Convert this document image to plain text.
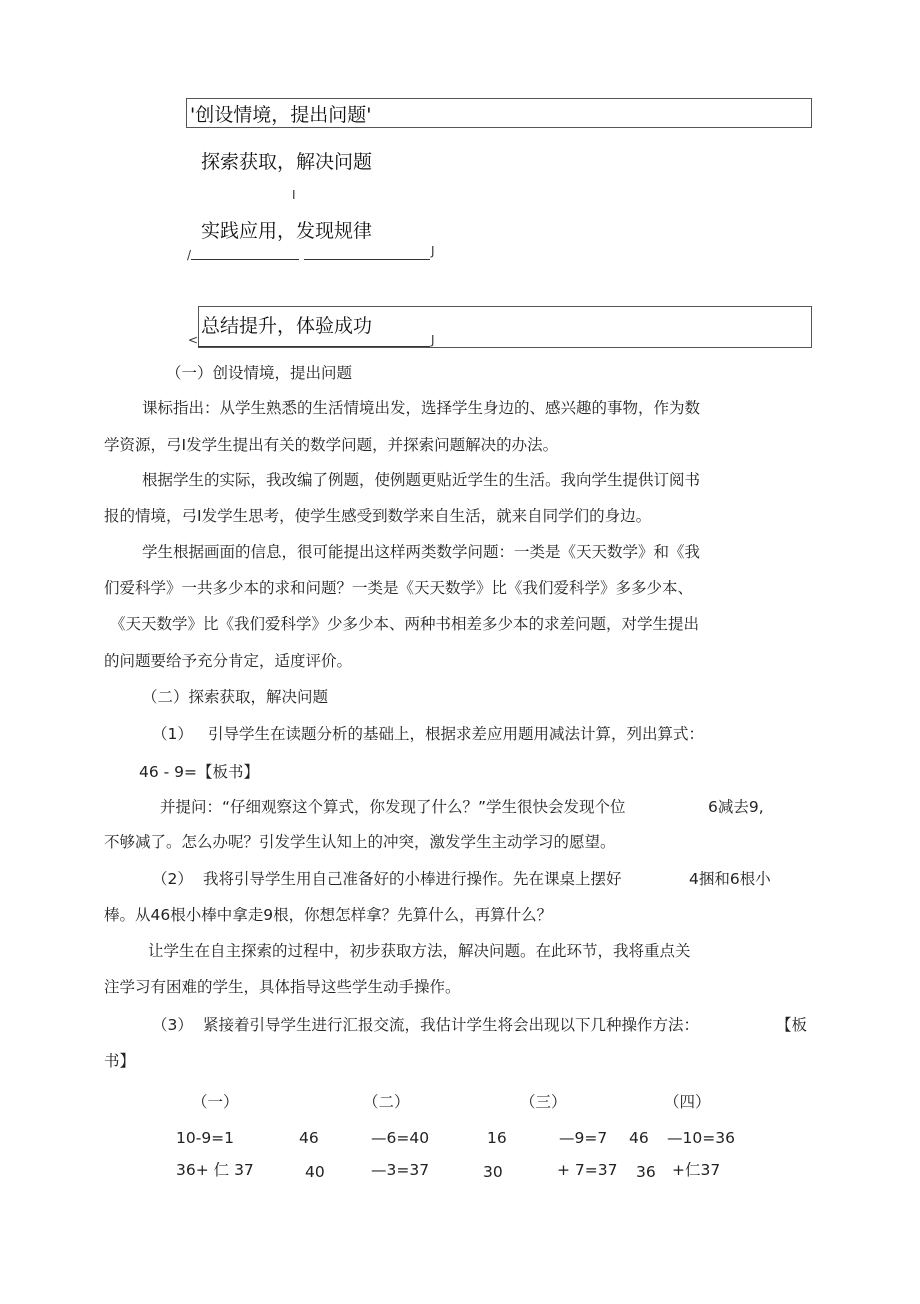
'创设情境，提出问题'
探索获取，解决问题
I
实践应用，发现规律
/	J
总结提升，体验成功
<	J
（一）创设情境，提出问题
课标指出：从学生熟悉的生活情境出发，选择学生身边的、感兴趣的事物，作为数
学资源，弓I发学生提出有关的数学问题，并探索问题解决的办法。
根据学生的实际，我改编了例题，使例题更贴近学生的生活。我向学生提供订阅书
报的情境，弓I发学生思考，使学生感受到数学来自生活，就来自同学们的身边。
学生根据画面的信息，很可能提出这样两类数学问题：一类是《天天数学》和《我
们爱科学》一共多少本的求和问题？一类是《天天数学》比《我们爱科学》多多少本、
《天天数学》比《我们爱科学》少多少本、两种书相差多少本的求差问题，对学生提出
的问题要给予充分肯定，适度评价。
（二）探索获取，解决问题
（1） 引导学生在读题分析的基础上，根据求差应用题用减法计算，列出算式：
46 - 9=【板书】
并提问：“仔细观察这个算式，你发现了什么？”学生很快会发现个位	6减去9,
不够减了。怎么办呢？引发学生认知上的冲突，激发学生主动学习的愿望。
（2） 我将引导学生用自己准备好的小棒进行操作。先在课桌上摆好	4捆和6根小
棒。从46根小棒中拿走9根，你想怎样拿？先算什么，再算什么？
让学生在自主探索的过程中，初步获取方法，解决问题。在此环节，我将重点关
注学习有困难的学生，具体指导这些学生动手操作。
（3） 紧接着引导学生进行汇报交流，我估计学生将会出现以下几种操作方法：	【板
书】
（一）	（二）	（三）	（四）
10-9=1	46	—6=40	16	—9=7 46 —10=36
36+ 仁 37	40	—3=37	30	+ 7=37 36 +仁37
